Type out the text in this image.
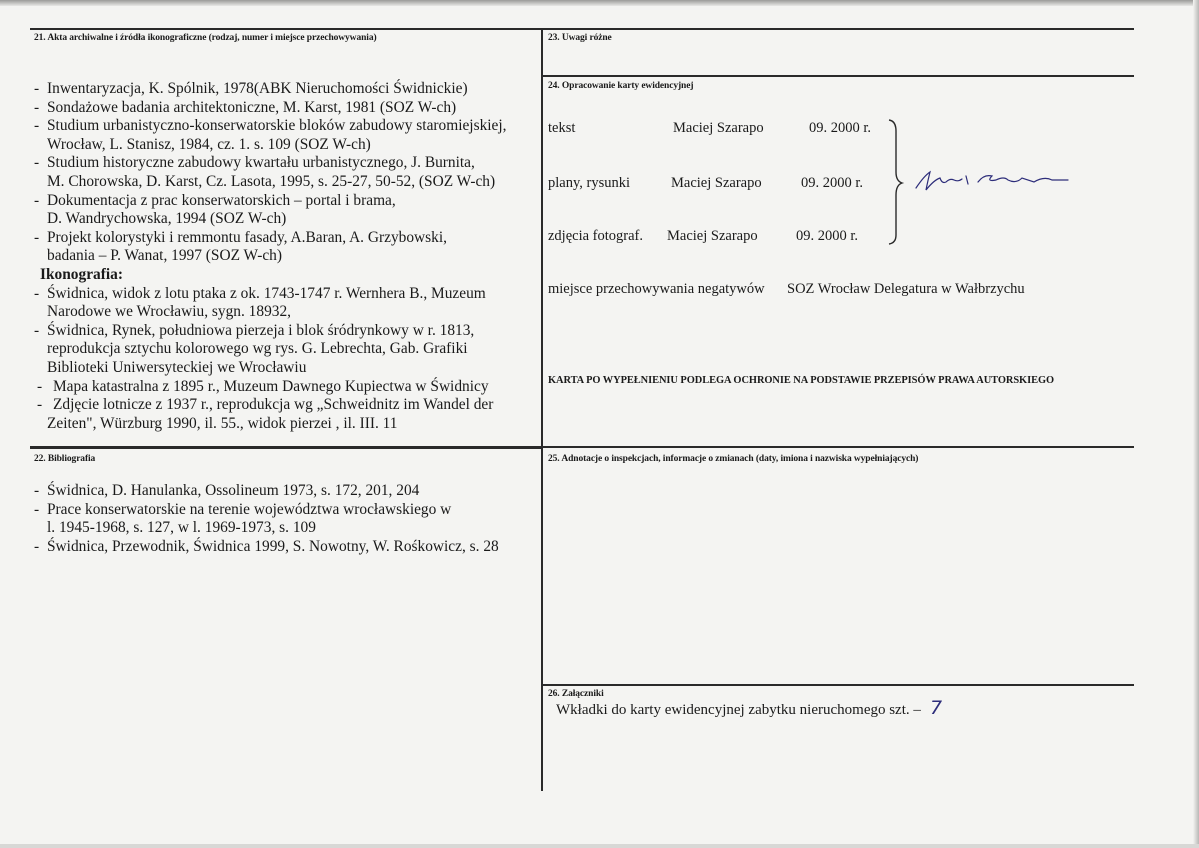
21. Akta archiwalne i źródła ikonograficzne (rodzaj, numer i miejsce przechowywania)
- Inwentaryzacja, K. Spólnik, 1978(ABK Nieruchomości Świdnickie)
- Sondażowe badania architektoniczne, M. Karst, 1981 (SOZ W-ch)
- Studium urbanistyczno-konserwatorskie bloków zabudowy staromiejskiej,
Wrocław, L. Stanisz, 1984, cz. 1. s. 109 (SOZ W-ch)
- Studium historyczne zabudowy kwartału urbanistycznego, J. Burnita,
M. Chorowska, D. Karst, Cz. Lasota, 1995, s. 25-27, 50-52, (SOZ W-ch)
- Dokumentacja z prac konserwatorskich – portal i brama,
D. Wandrychowska, 1994 (SOZ W-ch)
- Projekt kolorystyki i remmontu fasady, A.Baran, A. Grzybowski,
badania – P. Wanat, 1997 (SOZ W-ch)
Ikonografia:
- Świdnica, widok z lotu ptaka z ok. 1743-1747 r. Wernhera B., Muzeum
Narodowe we Wrocławiu, sygn. 18932,
- Świdnica, Rynek, południowa pierzeja i blok śródrynkowy w r. 1813,
reprodukcja sztychu kolorowego wg rys. G. Lebrechta, Gab. Grafiki
Biblioteki Uniwersyteckiej we Wrocławiu
- Mapa katastralna z 1895 r., Muzeum Dawnego Kupiectwa w Świdnicy
- Zdjęcie lotnicze z 1937 r., reprodukcja wg „Schweidnitz im Wandel der
Zeiten", Würzburg 1990, il. 55., widok pierzei , il. III. 11
22. Bibliografia
- Świdnica, D. Hanulanka, Ossolineum 1973, s. 172, 201, 204
- Prace konserwatorskie na terenie województwa wrocławskiego w
l. 1945-1968, s. 127, w l. 1969-1973, s. 109
- Świdnica, Przewodnik, Świdnica 1999, S. Nowotny, W. Rośkowicz, s. 28
23. Uwagi różne
24. Opracowanie karty ewidencyjnej
tekst	Maciej Szarapo	09. 2000 r.
plany, rysunki	Maciej Szarapo	09. 2000 r.
zdjęcia fotograf. Maciej Szarapo	09. 2000 r.
miejsce przechowywania negatywów SOZ Wrocław Delegatura w Wałbrzychu
KARTA PO WYPEŁNIENIU PODLEGA OCHRONIE NA PODSTAWIE PRZEPISÓW PRAWA AUTORSKIEGO
25. Adnotacje o inspekcjach, informacje o zmianach (daty, imiona i nazwiska wypełniających)
26. Załączniki
Wkładki do karty ewidencyjnej zabytku nieruchomego szt. – 7
